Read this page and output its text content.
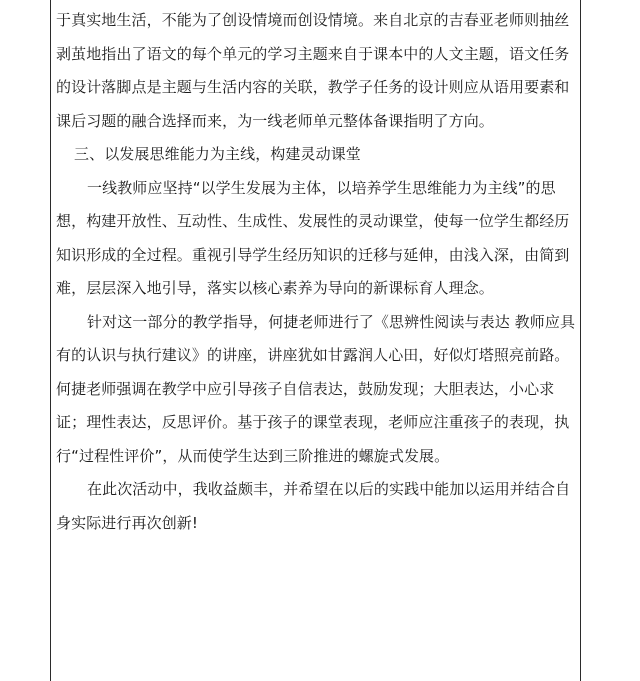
于真实地生活，不能为了创设情境而创设情境。来自北京的吉春亚老师则抽丝
剥茧地指出了语文的每个单元的学习主题来自于课本中的人文主题，语文任务
的设计落脚点是主题与生活内容的关联，教学子任务的设计则应从语用要素和
课后习题的融合选择而来，为一线老师单元整体备课指明了方向。
三、以发展思维能力为主线，构建灵动课堂
一线教师应坚持“以学生发展为主体，以培养学生思维能力为主线”的思
想，构建开放性、互动性、生成性、发展性的灵动课堂，使每一位学生都经历
知识形成的全过程。重视引导学生经历知识的迁移与延伸，由浅入深，由简到
难，层层深入地引导，落实以核心素养为导向的新课标育人理念。
针对这一部分的教学指导，何捷老师进行了《思辨性阅读与表达 教师应具
有的认识与执行建议》的讲座，讲座犹如甘露润人心田，好似灯塔照亮前路。
何捷老师强调在教学中应引导孩子自信表达，鼓励发现；大胆表达，小心求
证；理性表达，反思评价。基于孩子的课堂表现，老师应注重孩子的表现，执
行“过程性评价”，从而使学生达到三阶推进的螺旋式发展。
在此次活动中，我收益颇丰，并希望在以后的实践中能加以运用并结合自
身实际进行再次创新!
